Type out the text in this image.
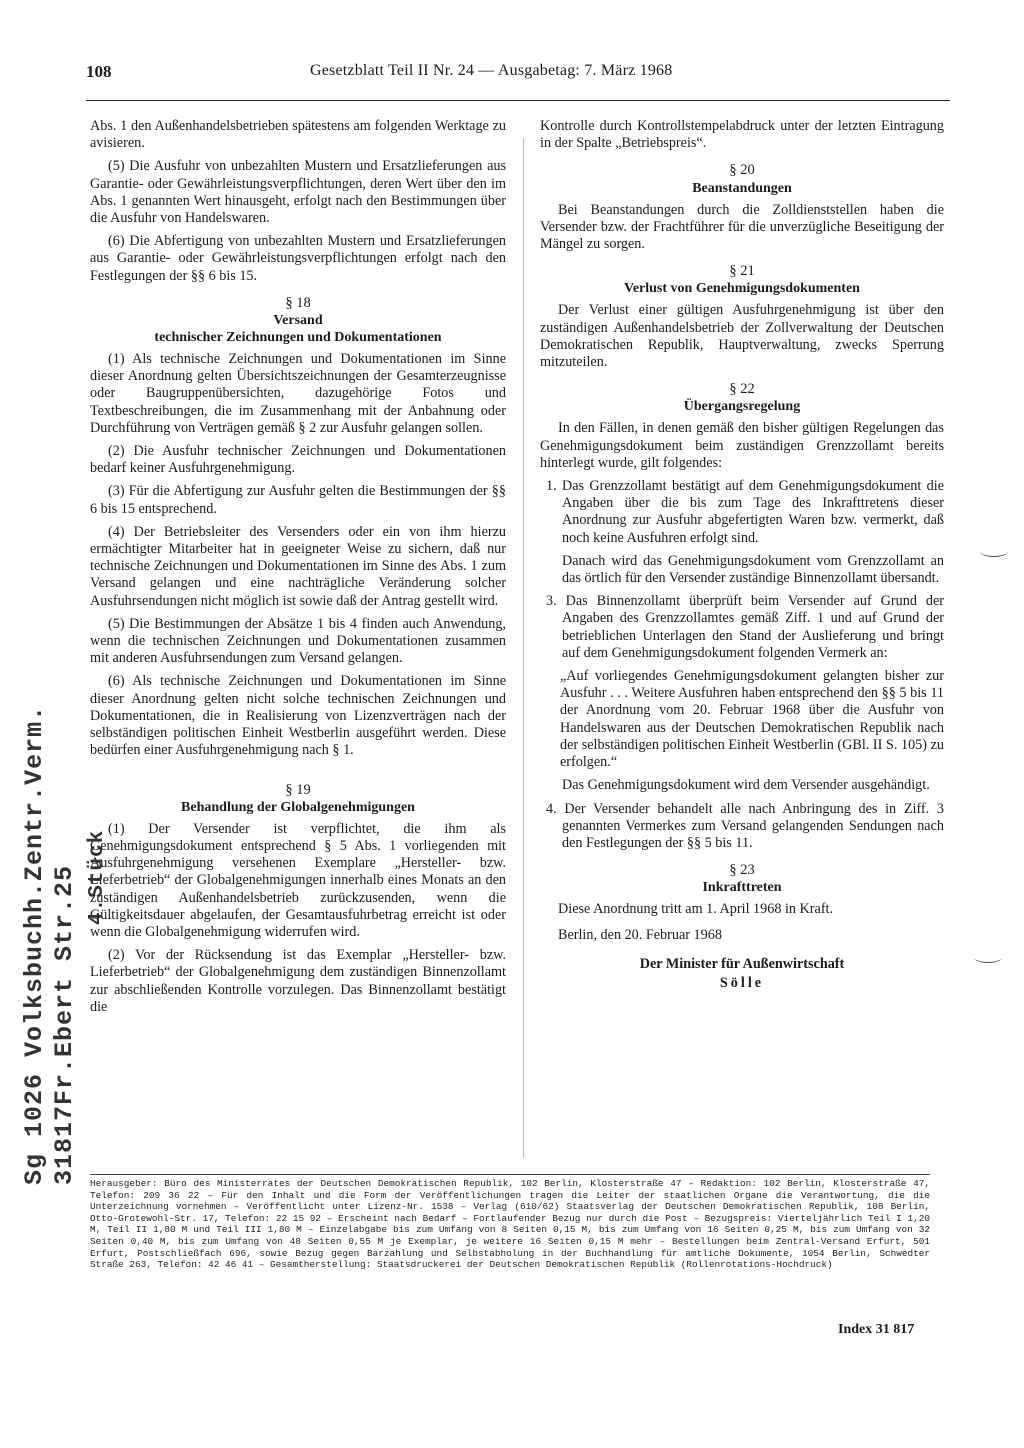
108	Gesetzblatt Teil II Nr. 24 — Ausgabetag: 7. März 1968

Abs. 1 den Außenhandelsbetrieben spätestens am folgenden Werktage zu avisieren.

(5) Die Ausfuhr von unbezahlten Mustern und Ersatzlieferungen aus Garantie- oder Gewährleistungsverpflichtungen, deren Wert über den im Abs. 1 genannten Wert hinausgeht, erfolgt nach den Bestimmungen über die Ausfuhr von Handelswaren.

(6) Die Abfertigung von unbezahlten Mustern und Ersatzlieferungen aus Garantie- oder Gewährleistungsverpflichtungen erfolgt nach den Festlegungen der §§ 6 bis 15.

§ 18

Versand
technischer Zeichnungen und Dokumentationen

(1) Als technische Zeichnungen und Dokumentationen im Sinne dieser Anordnung gelten Übersichtszeichnungen der Gesamterzeugnisse oder Baugruppenübersichten, dazugehörige Fotos und Textbeschreibungen, die im Zusammenhang mit der Anbahnung oder Durchführung von Verträgen gemäß § 2 zur Ausfuhr gelangen sollen.

(2) Die Ausfuhr technischer Zeichnungen und Dokumentationen bedarf keiner Ausfuhrgenehmigung.

(3) Für die Abfertigung zur Ausfuhr gelten die Bestimmungen der §§ 6 bis 15 entsprechend.

(4) Der Betriebsleiter des Versenders oder ein von ihm hierzu ermächtigter Mitarbeiter hat in geeigneter Weise zu sichern, daß nur technische Zeichnungen und Dokumentationen im Sinne des Abs. 1 zum Versand gelangen und eine nachträgliche Veränderung solcher Ausfuhrsendungen nicht möglich ist sowie daß der Antrag gestellt wird.

(5) Die Bestimmungen der Absätze 1 bis 4 finden auch Anwendung, wenn die technischen Zeichnungen und Dokumentationen zusammen mit anderen Ausfuhrsendungen zum Versand gelangen.

(6) Als technische Zeichnungen und Dokumentationen im Sinne dieser Anordnung gelten nicht solche technischen Zeichnungen und Dokumentationen, die in Realisierung von Lizenzverträgen nach der selbständigen politischen Einheit Westberlin ausgeführt werden. Diese bedürfen einer Ausfuhrgenehmigung nach § 1.

§ 19

Behandlung der Globalgenehmigungen

(1) Der Versender ist verpflichtet, die ihm als Genehmigungsdokument entsprechend § 5 Abs. 1 vorliegenden mit Ausfuhrgenehmigung versehenen Exemplare „Hersteller- bzw. Lieferbetrieb“ der Globalgenehmigungen innerhalb eines Monats an den zuständigen Außenhandelsbetrieb zurückzusenden, wenn die Gültigkeitsdauer abgelaufen, der Gesamtausfuhrbetrag erreicht ist oder wenn die Globalgenehmigung widerrufen wird.

(2) Vor der Rücksendung ist das Exemplar „Hersteller- bzw. Lieferbetrieb“ der Globalgenehmigung dem zuständigen Binnenzollamt zur abschließenden Kontrolle vorzulegen. Das Binnenzollamt bestätigt die

Kontrolle durch Kontrollstempelabdruck unter der letzten Eintragung in der Spalte „Betriebspreis“.

§ 20

Beanstandungen

Bei Beanstandungen durch die Zolldienststellen haben die Versender bzw. der Frachtführer für die unverzügliche Beseitigung der Mängel zu sorgen.

§ 21

Verlust von Genehmigungsdokumenten

Der Verlust einer gültigen Ausfuhrgenehmigung ist über den zuständigen Außenhandelsbetrieb der Zollverwaltung der Deutschen Demokratischen Republik, Hauptverwaltung, zwecks Sperrung mitzuteilen.

§ 22

Übergangsregelung

In den Fällen, in denen gemäß den bisher gültigen Regelungen das Genehmigungsdokument beim zuständigen Grenzzollamt bereits hinterlegt wurde, gilt folgendes:

1. Das Grenzzollamt bestätigt auf dem Genehmigungsdokument die Angaben über die bis zum Tage des Inkrafttretens dieser Anordnung zur Ausfuhr abgefertigten Waren bzw. vermerkt, daß noch keine Ausfuhren erfolgt sind.

Danach wird das Genehmigungsdokument vom Grenzzollamt an das örtlich für den Versender zuständige Binnenzollamt übersandt.

3. Das Binnenzollamt überprüft beim Versender auf Grund der Angaben des Grenzzollamtes gemäß Ziff. 1 und auf Grund der betrieblichen Unterlagen den Stand der Auslieferung und bringt auf dem Genehmigungsdokument folgenden Vermerk an:

„Auf vorliegendes Genehmigungsdokument gelangten bisher zur Ausfuhr . . . Weitere Ausfuhren haben entsprechend den §§ 5 bis 11 der Anordnung vom 20. Februar 1968 über die Ausfuhr von Handelswaren aus der Deutschen Demokratischen Republik nach der selbständigen politischen Einheit Westberlin (GBl. II S. 105) zu erfolgen.“

Das Genehmigungsdokument wird dem Versender ausgehändigt.

4. Der Versender behandelt alle nach Anbringung des in Ziff. 3 genannten Vermerkes zum Versand gelangenden Sendungen nach den Festlegungen der §§ 5 bis 11.

§ 23

Inkrafttreten

Diese Anordnung tritt am 1. April 1968 in Kraft.

Berlin, den 20. Februar 1968

Der Minister für Außenwirtschaft

Sölle

Herausgeber: Büro des Ministerrates der Deutschen Demokratischen Republik, 102 Berlin, Klosterstraße 47 – Redaktion: 102 Berlin, Klosterstraße 47, Telefon: 209 36 22 – Für den Inhalt und die Form der Veröffentlichungen tragen die Leiter der staatlichen Organe die Verantwortung, die die Unterzeichnung vornehmen – Veröffentlicht unter Lizenz-Nr. 1538 – Verlag (610/62) Staatsverlag der Deutschen Demokratischen Republik, 108 Berlin, Otto-Grotewohl-Str. 17, Telefon: 22 15 92 – Erscheint nach Bedarf – Fortlaufender Bezug nur durch die Post – Bezugspreis: Vierteljährlich Teil I 1,20 M, Teil II 1,80 M und Teil III 1,80 M – Einzelabgabe bis zum Umfang von 8 Seiten 0,15 M, bis zum Umfang von 16 Seiten 0,25 M, bis zum Umfang von 32 Seiten 0,40 M, bis zum Umfang von 48 Seiten 0,55 M je Exemplar, je weitere 16 Seiten 0,15 M mehr – Bestellungen beim Zentral-Versand Erfurt, 501 Erfurt, Postschließfach 696, sowie Bezug gegen Barzahlung und Selbstabholung in der Buchhandlung für amtliche Dokumente, 1054 Berlin, Schwedter Straße 263, Telefon: 42 46 41 – Gesamtherstellung: Staatsdruckerei der Deutschen Demokratischen Republik (Rollenrotations-Hochdruck)
Index 31 817
Sg 1026 Volksbuchh.Zentr.Verm. 31817Fr.Ebert Str.25 4.Stück
